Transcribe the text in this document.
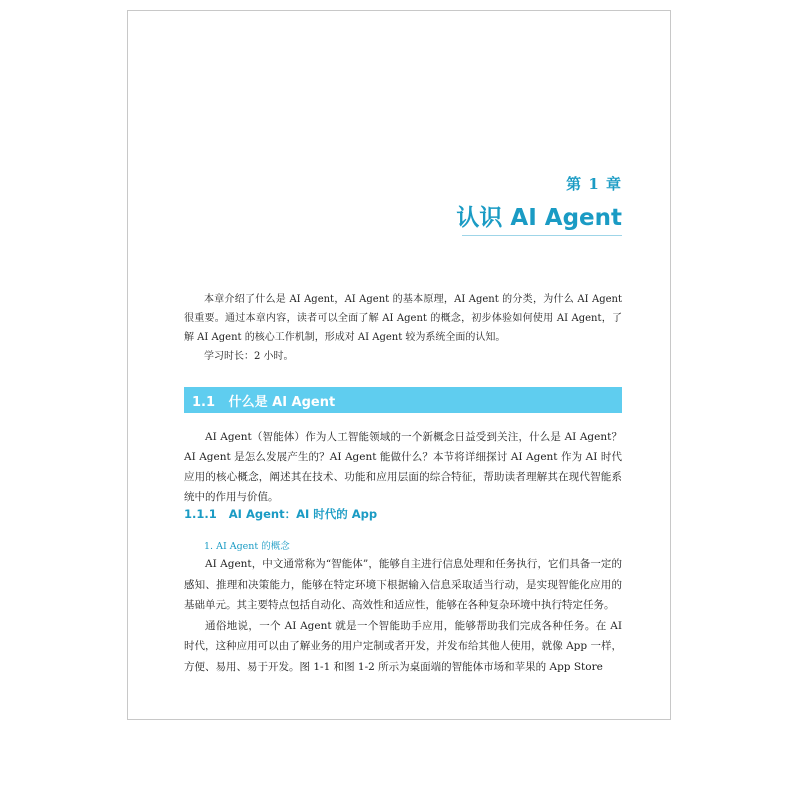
第 1 章
认识 AI Agent

本章介绍了什么是 AI Agent，AI Agent 的基本原理，AI Agent 的分类，为什么 AI Agent 很重要。通过本章内容，读者可以全面了解 AI Agent 的概念，初步体验如何使用 AI Agent，了解 AI Agent 的核心工作机制，形成对 AI Agent 较为系统全面的认知。

学习时长：2 小时。

1.1 什么是 AI Agent

AI Agent（智能体）作为人工智能领域的一个新概念日益受到关注，什么是 AI Agent？AI Agent 是怎么发展产生的？AI Agent 能做什么？本节将详细探讨 AI Agent 作为 AI 时代应用的核心概念，阐述其在技术、功能和应用层面的综合特征，帮助读者理解其在现代智能系统中的作用与价值。

1.1.1 AI Agent：AI 时代的 App
1. AI Agent 的概念

AI Agent，中文通常称为“智能体”，能够自主进行信息处理和任务执行，它们具备一定的感知、推理和决策能力，能够在特定环境下根据输入信息采取适当行动，是实现智能化应用的基础单元。其主要特点包括自动化、高效性和适应性，能够在各种复杂环境中执行特定任务。

通俗地说，一个 AI Agent 就是一个智能助手应用，能够帮助我们完成各种任务。在 AI 时代，这种应用可以由了解业务的用户定制或者开发，并发布给其他人使用，就像 App 一样，方便、易用、易于开发。图 1-1 和图 1-2 所示为桌面端的智能体市场和苹果的 App Store
